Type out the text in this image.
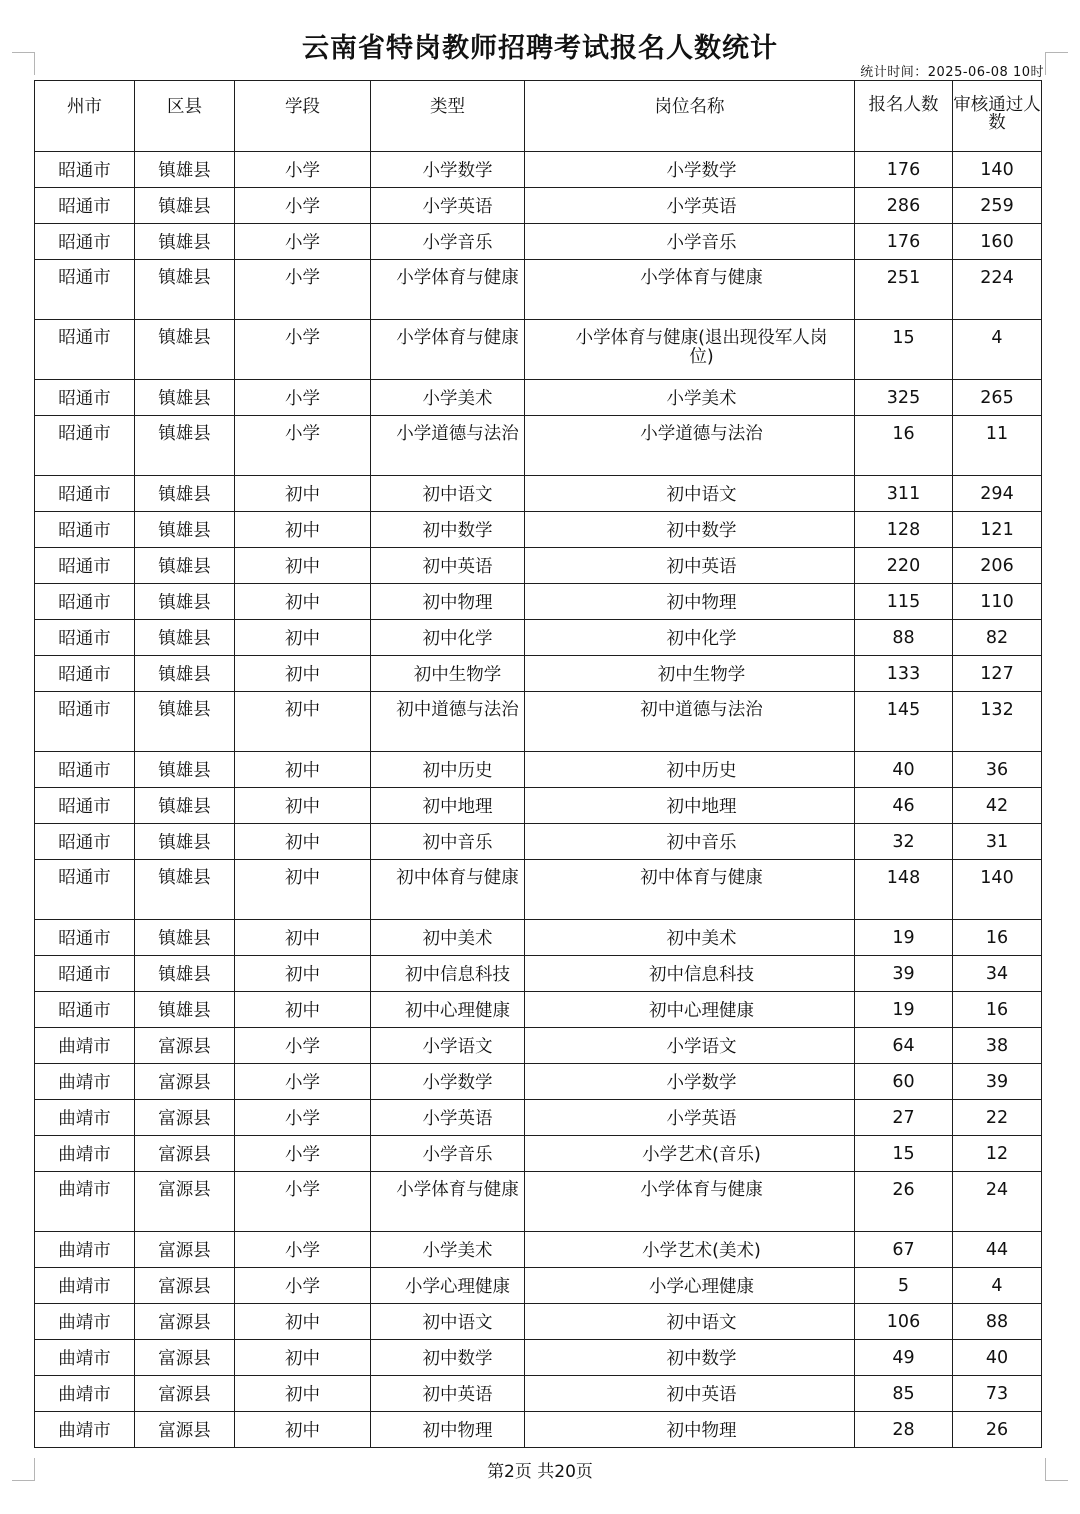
云南省特岗教师招聘考试报名人数统计
统计时间：2025-06-08 10时
州市	区县	学段	类型	岗位名称	报名人数	审核通过人数
昭通市	镇雄县	小学	小学数学	小学数学	176	140
昭通市	镇雄县	小学	小学英语	小学英语	286	259
昭通市	镇雄县	小学	小学音乐	小学音乐	176	160
昭通市	镇雄县	小学	小学体育与健康	小学体育与健康	251	224
昭通市	镇雄县	小学	小学体育与健康	小学体育与健康(退出现役军人岗位)	15	4
昭通市	镇雄县	小学	小学美术	小学美术	325	265
昭通市	镇雄县	小学	小学道德与法治	小学道德与法治	16	11
昭通市	镇雄县	初中	初中语文	初中语文	311	294
昭通市	镇雄县	初中	初中数学	初中数学	128	121
昭通市	镇雄县	初中	初中英语	初中英语	220	206
昭通市	镇雄县	初中	初中物理	初中物理	115	110
昭通市	镇雄县	初中	初中化学	初中化学	88	82
昭通市	镇雄县	初中	初中生物学	初中生物学	133	127
昭通市	镇雄县	初中	初中道德与法治	初中道德与法治	145	132
昭通市	镇雄县	初中	初中历史	初中历史	40	36
昭通市	镇雄县	初中	初中地理	初中地理	46	42
昭通市	镇雄县	初中	初中音乐	初中音乐	32	31
昭通市	镇雄县	初中	初中体育与健康	初中体育与健康	148	140
昭通市	镇雄县	初中	初中美术	初中美术	19	16
昭通市	镇雄县	初中	初中信息科技	初中信息科技	39	34
昭通市	镇雄县	初中	初中心理健康	初中心理健康	19	16
曲靖市	富源县	小学	小学语文	小学语文	64	38
曲靖市	富源县	小学	小学数学	小学数学	60	39
曲靖市	富源县	小学	小学英语	小学英语	27	22
曲靖市	富源县	小学	小学音乐	小学艺术(音乐)	15	12
曲靖市	富源县	小学	小学体育与健康	小学体育与健康	26	24
曲靖市	富源县	小学	小学美术	小学艺术(美术)	67	44
曲靖市	富源县	小学	小学心理健康	小学心理健康	5	4
曲靖市	富源县	初中	初中语文	初中语文	106	88
曲靖市	富源县	初中	初中数学	初中数学	49	40
曲靖市	富源县	初中	初中英语	初中英语	85	73
曲靖市	富源县	初中	初中物理	初中物理	28	26
第2页 共20页
